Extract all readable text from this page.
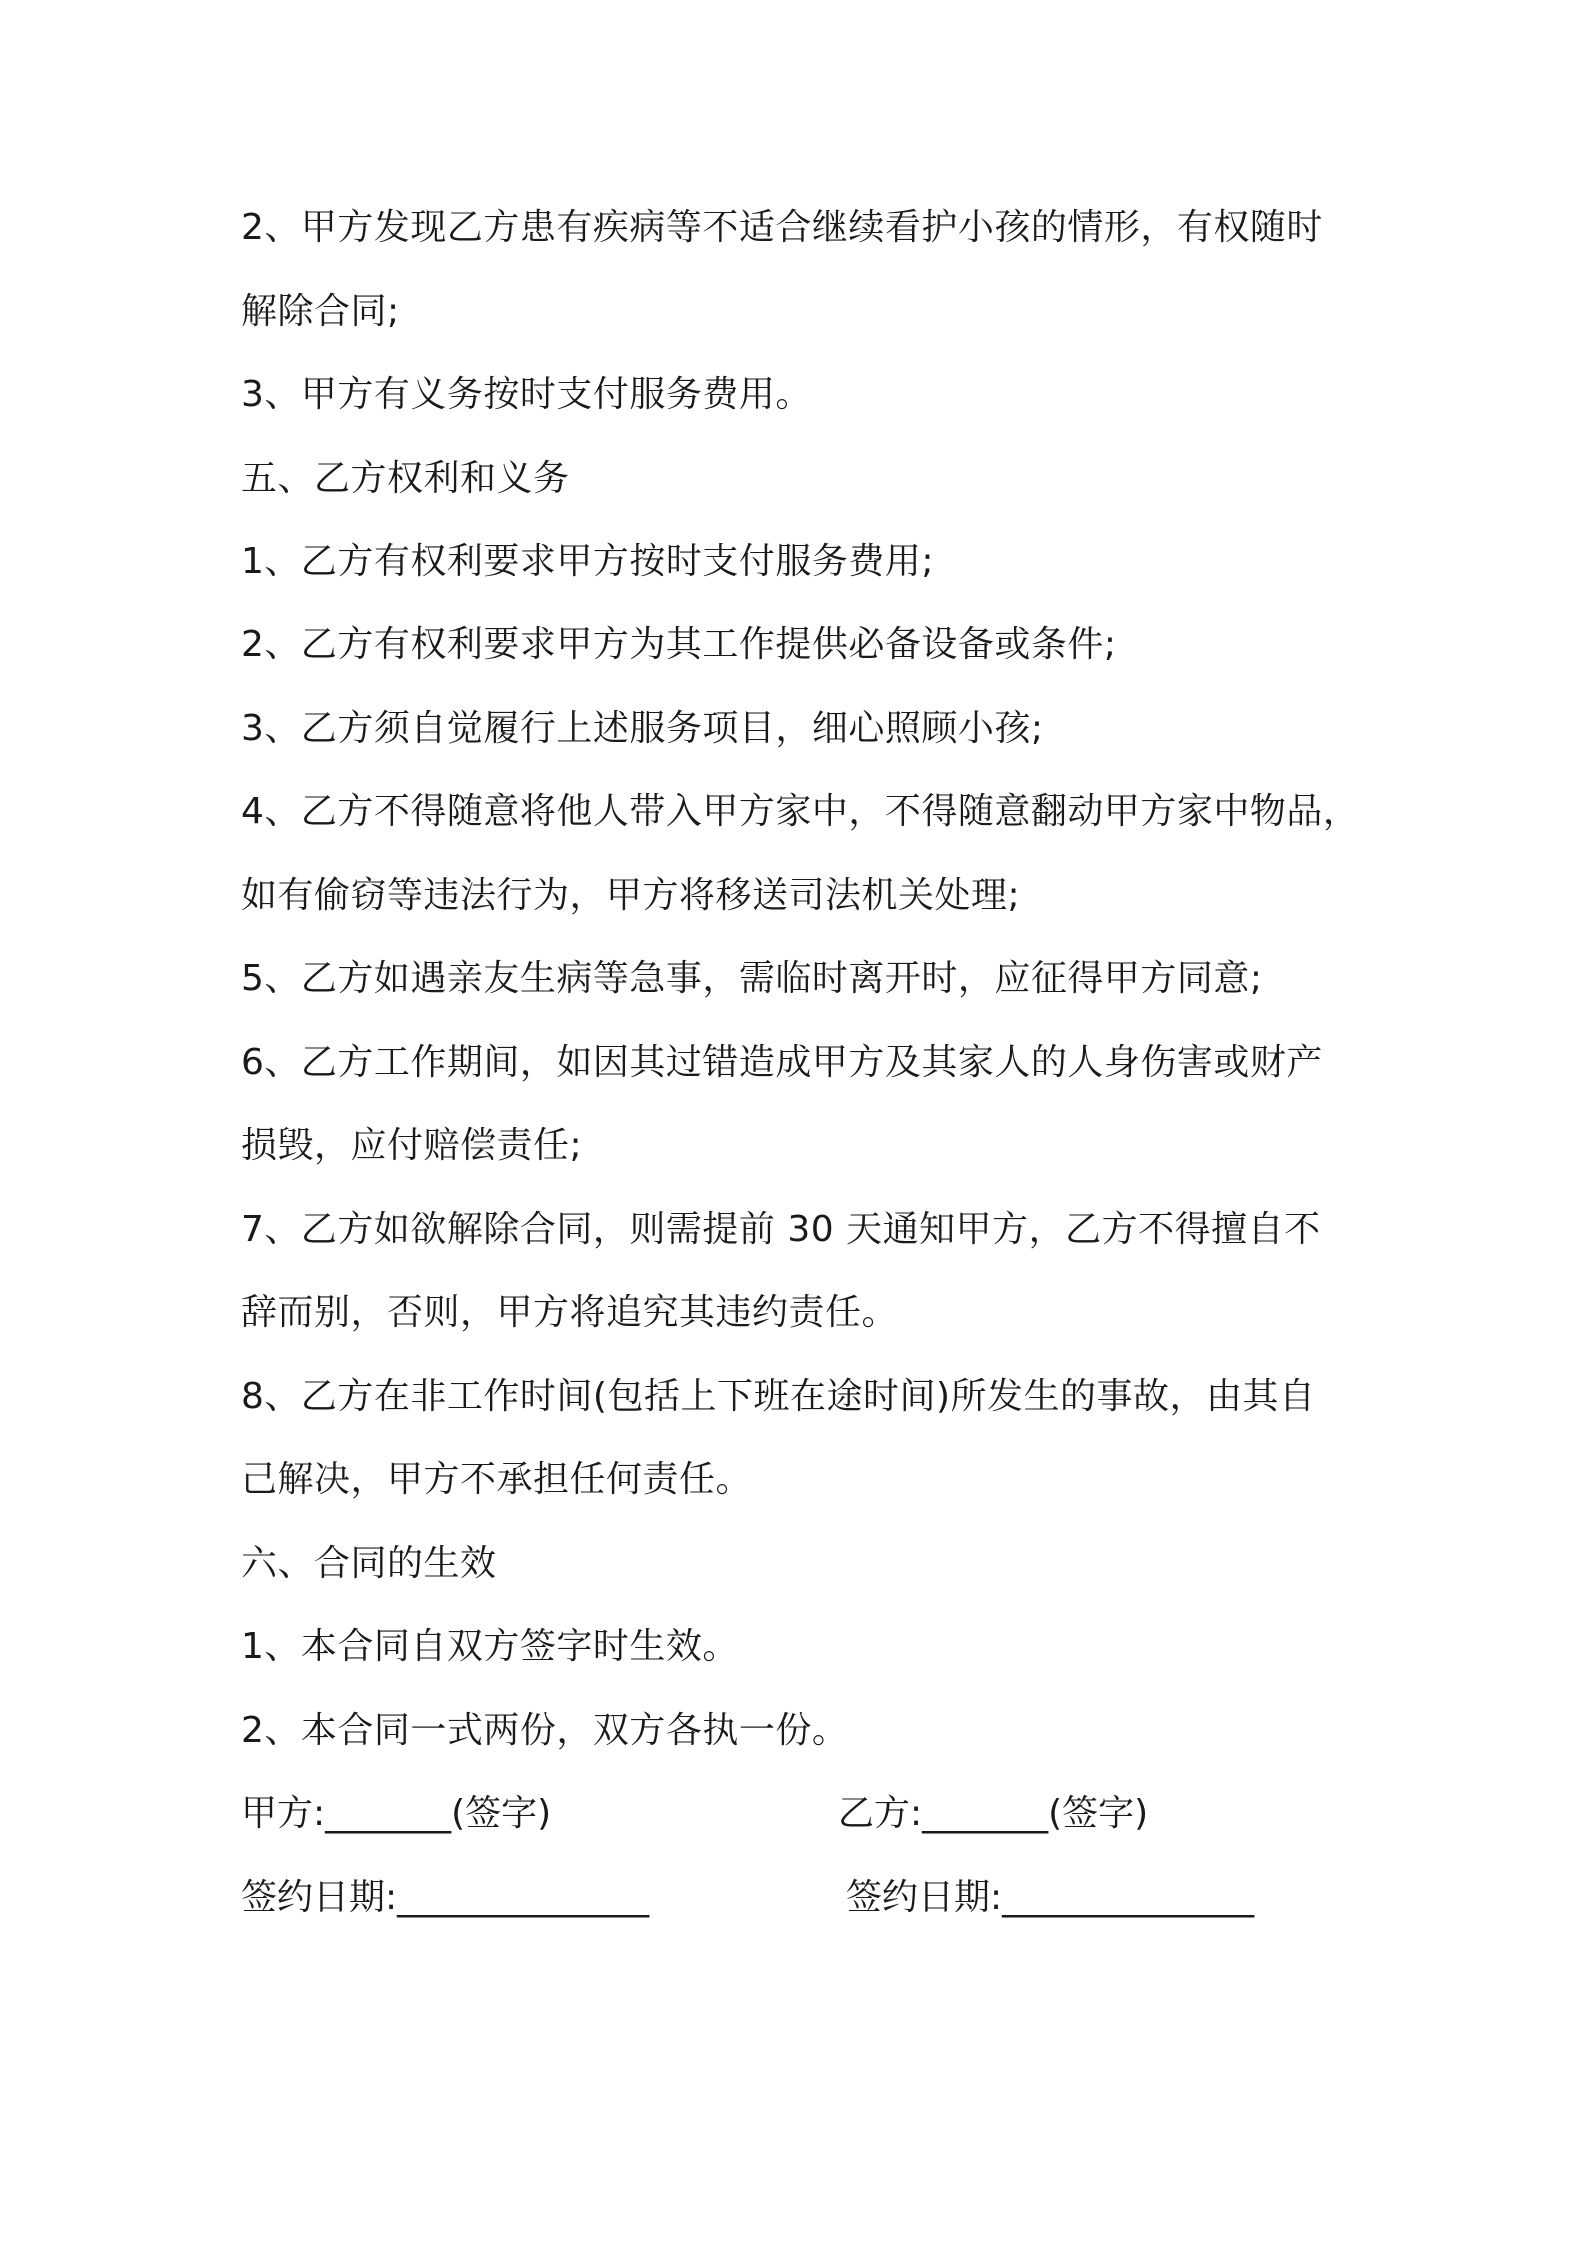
2、甲方发现乙方患有疾病等不适合继续看护小孩的情形，有权随时
解除合同;
3、甲方有义务按时支付服务费用。
五、乙方权利和义务
1、乙方有权利要求甲方按时支付服务费用;
2、乙方有权利要求甲方为其工作提供必备设备或条件;
3、乙方须自觉履行上述服务项目，细心照顾小孩;
4、乙方不得随意将他人带入甲方家中，不得随意翻动甲方家中物品，
如有偷窃等违法行为，甲方将移送司法机关处理;
5、乙方如遇亲友生病等急事，需临时离开时，应征得甲方同意;
6、乙方工作期间，如因其过错造成甲方及其家人的人身伤害或财产
损毁，应付赔偿责任;
7、乙方如欲解除合同，则需提前 30 天通知甲方，乙方不得擅自不
辞而别，否则，甲方将追究其违约责任。
8、乙方在非工作时间(包括上下班在途时间)所发生的事故，由其自
己解决，甲方不承担任何责任。
六、合同的生效
1、本合同自双方签字时生效。
2、本合同一式两份，双方各执一份。
甲方:_______(签字)	乙方:_______(签字)
签约日期:______________	签约日期:______________
